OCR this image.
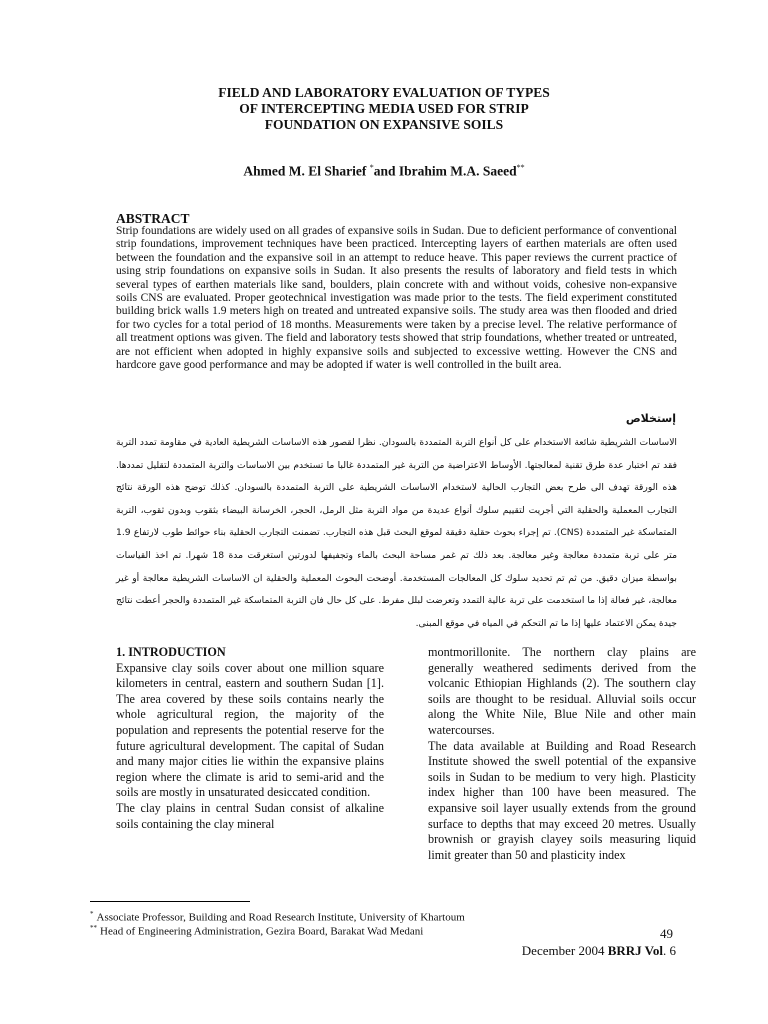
FIELD AND LABORATORY EVALUATION OF TYPES
OF INTERCEPTING MEDIA USED FOR STRIP
FOUNDATION ON EXPANSIVE SOILS
Ahmed M. El Sharief *and Ibrahim M.A. Saeed**
ABSTRACT
Strip foundations are widely used on all grades of expansive soils in Sudan. Due to deficient performance of conventional strip foundations, improvement techniques have been practiced. Intercepting layers of earthen materials are often used between the foundation and the expansive soil in an attempt to reduce heave. This paper reviews the current practice of using strip foundations on expansive soils in Sudan. It also presents the results of laboratory and field tests in which several types of earthen materials like sand, boulders, plain concrete with and without voids, cohesive non-expansive soils CNS are evaluated. Proper geotechnical investigation was made prior to the tests. The field experiment constituted building brick walls 1.9 meters high on treated and untreated expansive soils. The study area was then flooded and dried for two cycles for a total period of 18 months. Measurements were taken by a precise level. The relative performance of all treatment options was given. The field and laboratory tests showed that strip foundations, whether treated or untreated, are not efficient when adopted in highly expansive soils and subjected to excessive wetting. However the CNS and hardcore gave good performance and may be adopted if water is well controlled in the built area.
إستخلاص
الاساسات الشريطية شائعة الاستخدام على كل أنواع التربة المتمددة بالسودان. نظرا لقصور هذه الاساسات الشريطية العادية في مقاومة تمدد التربة فقد تم اختبار عدة طرق تقنية لمعالجتها. الأوساط الاعتراضية من التربة غير المتمددة غالبا ما تستخدم بين الاساسات والتربة المتمددة لتقليل تمددها. هذه الورقة تهدف الى طرح بعض التجارب الحالية لاستخدام الاساسات الشريطية على التربة المتمددة بالسودان. كذلك توضح هذه الورقة نتائج التجارب المعملية والحقلية التي أجريت لتقييم سلوك أنواع عديدة من مواد التربة مثل الرمل، الحجر، الخرسانة البيضاء بثقوب وبدون ثقوب، التربة المتماسكة غير المتمددة (CNS). تم إجراء بحوث حقلية دقيقة لموقع البحث قبل هذه التجارب. تضمنت التجارب الحقلية بناء حوائط طوب لارتفاع 1.9 متر على تربة متمددة معالجة وغير معالجة. بعد ذلك تم غمر مساحة البحث بالماء وتجفيفها لدورتين استغرقت مدة 18 شهرا. تم اخذ القياسات بواسطة ميزان دقيق. من ثم تم تحديد سلوك كل المعالجات المستخدمة. أوضحت البحوث المعملية والحقلية ان الاساسات الشريطية معالجة أو غير معالجة، غير فعالة إذا ما استخدمت على تربة عالية التمدد وتعرضت لبلل مفرط. على كل حال فان التربة المتماسكة غير المتمددة والحجر أعطت نتائج جيدة يمكن الاعتماد عليها إذا ما تم التحكم في المياه في موقع المبنى.
1. INTRODUCTION
Expansive clay soils cover about one million square kilometers in central, eastern and southern Sudan [1]. The area covered by these soils contains nearly the whole agricultural region, the majority of the population and represents the potential reserve for the future agricultural development. The capital of Sudan and many major cities lie within the expansive plains region where the climate is arid to semi-arid and the soils are mostly in unsaturated desiccated condition.
The clay plains in central Sudan consist of alkaline soils containing the clay mineral
montmorillonite. The northern clay plains are generally weathered sediments derived from the volcanic Ethiopian Highlands (2). The southern clay soils are thought to be residual. Alluvial soils occur along the White Nile, Blue Nile and other main watercourses.
The data available at Building and Road Research Institute showed the swell potential of the expansive soils in Sudan to be medium to very high. Plasticity index higher than 100 have been measured. The expansive soil layer usually extends from the ground surface to depths that may exceed 20 metres. Usually brownish or grayish clayey soils measuring liquid limit greater than 50 and plasticity index
* Associate Professor, Building and Road Research Institute, University of Khartoum
** Head of Engineering Administration, Gezira Board, Barakat Wad Medani	49
December 2004 BRRJ Vol. 6
